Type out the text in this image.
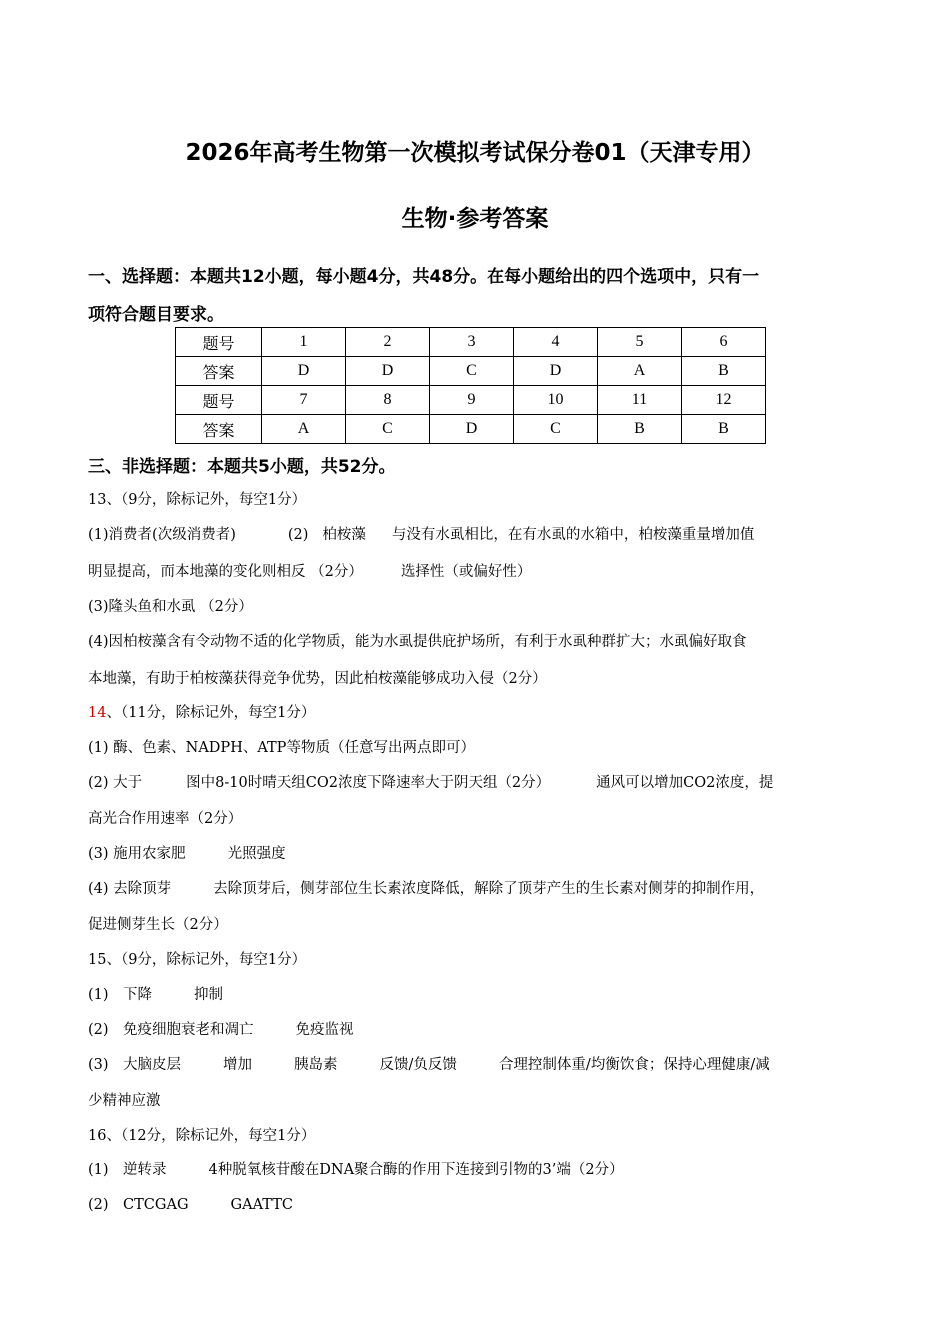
2026年高考生物第一次模拟考试保分卷01（天津专用）
生物·参考答案
一、选择题：本题共12小题，每小题4分，共48分。在每小题给出的四个选项中，只有一
项符合题目要求。
题号	1	2	3	4	5	6
答案	D	D	C	D	A	B
题号	7	8	9	10	11	12
答案	A	C	D	C	B	B
三、非选择题：本题共5小题，共52分。
13、（9分，除标记外，每空1分）
(1)消费者(次级消费者)	(2) 柏桉藻 与没有水虱相比，在有水虱的水箱中，柏桉藻重量增加值
明显提高，而本地藻的变化则相反 （2分）	选择性（或偏好性）
(3)隆头鱼和水虱 （2分）
(4)因柏桉藻含有令动物不适的化学物质，能为水虱提供庇护场所，有利于水虱种群扩大；水虱偏好取食
本地藻，有助于柏桉藻获得竞争优势，因此柏桉藻能够成功入侵（2分）
14、（11分，除标记外，每空1分）
(1) 酶、色素、NADPH、ATP等物质（任意写出两点即可）
(2) 大于	图中8-10时晴天组CO2浓度下降速率大于阴天组（2分）	通风可以增加CO2浓度，提
高光合作用速率（2分）
(3) 施用农家肥	光照强度
(4) 去除顶芽	去除顶芽后，侧芽部位生长素浓度降低，解除了顶芽产生的生长素对侧芽的抑制作用，
促进侧芽生长（2分）
15、（9分，除标记外，每空1分）
(1)　下降	抑制
(2)　免疫细胞衰老和凋亡	免疫监视
(3)　大脑皮层	增加	胰岛素	反馈/负反馈	合理控制体重/均衡饮食；保持心理健康/减
少精神应激
16、（12分，除标记外，每空1分）
(1)　逆转录	4种脱氧核苷酸在DNA聚合酶的作用下连接到引物的3’端（2分）
(2)　CTCGAG	GAATTC
